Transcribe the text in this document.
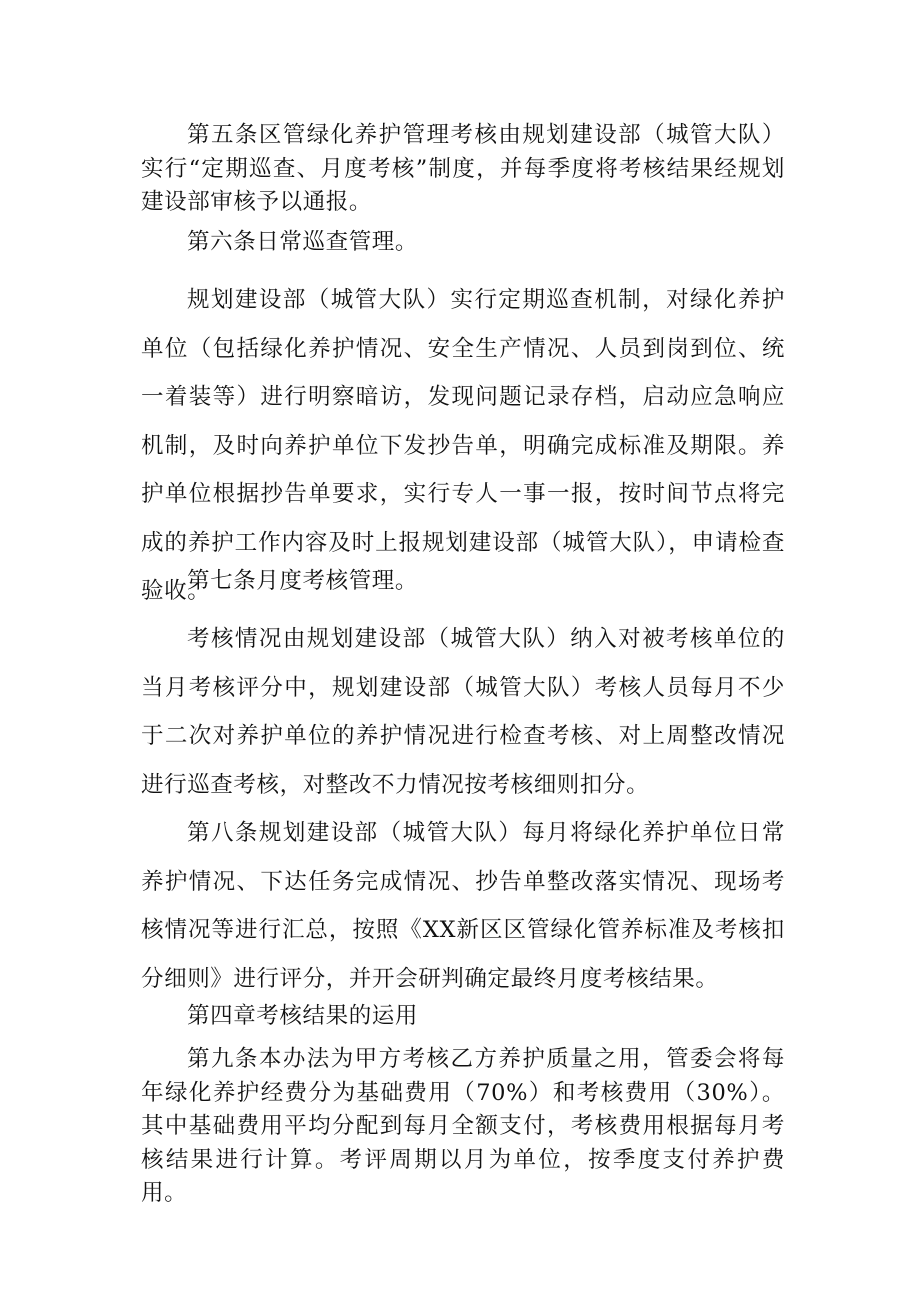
第五条区管绿化养护管理考核由规划建设部（城管大队）实行“定期巡查、月度考核”制度，并每季度将考核结果经规划建设部审核予以通报。

第六条日常巡查管理。

规划建设部（城管大队）实行定期巡查机制，对绿化养护单位（包括绿化养护情况、安全生产情况、人员到岗到位、统一着装等）进行明察暗访，发现问题记录存档，启动应急响应机制，及时向养护单位下发抄告单，明确完成标准及期限。养护单位根据抄告单要求，实行专人一事一报，按时间节点将完成的养护工作内容及时上报规划建设部（城管大队），申请检查验收。

第七条月度考核管理。

考核情况由规划建设部（城管大队）纳入对被考核单位的当月考核评分中，规划建设部（城管大队）考核人员每月不少于二次对养护单位的养护情况进行检查考核、对上周整改情况进行巡查考核，对整改不力情况按考核细则扣分。

第八条规划建设部（城管大队）每月将绿化养护单位日常养护情况、下达任务完成情况、抄告单整改落实情况、现场考核情况等进行汇总，按照《XX新区区管绿化管养标准及考核扣分细则》进行评分，并开会研判确定最终月度考核结果。

第四章考核结果的运用

第九条本办法为甲方考核乙方养护质量之用，管委会将每年绿化养护经费分为基础费用（70%）和考核费用（30%）。其中基础费用平均分配到每月全额支付，考核费用根据每月考核结果进行计算。考评周期以月为单位，按季度支付养护费用。
